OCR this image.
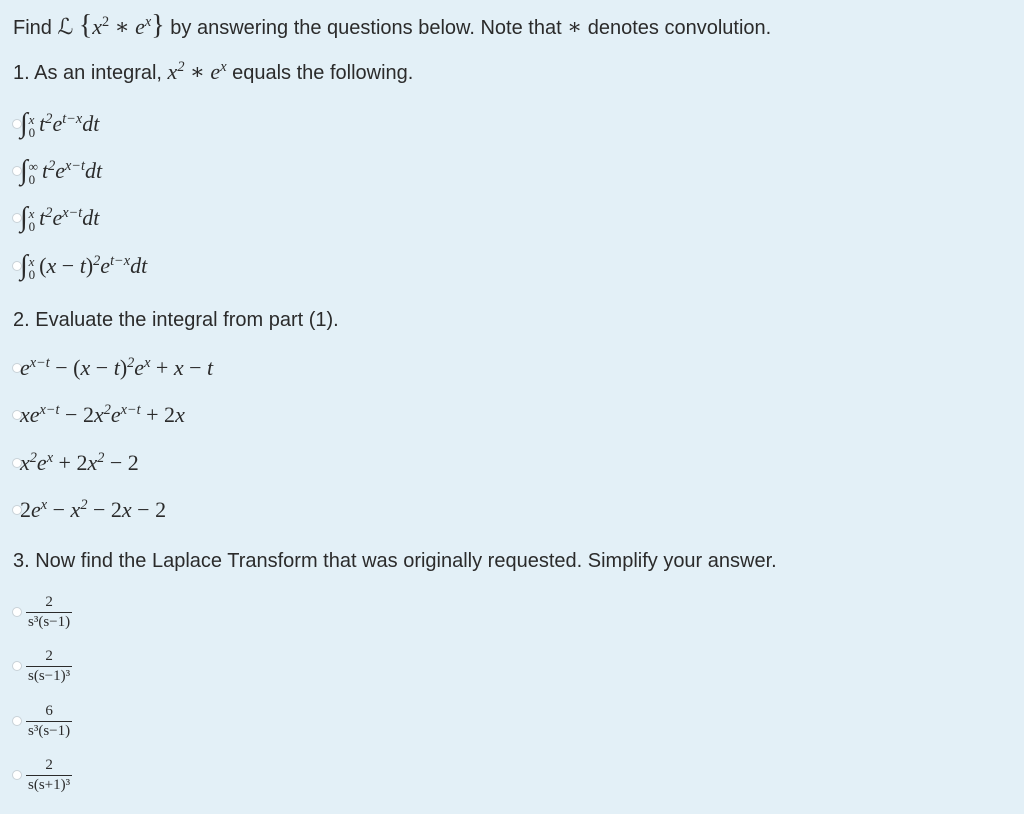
Find ℒ {$x^2$ ∗ $e^x$} by answering the questions below. Note that ∗ denotes convolution.
1. As an integral, $x^2$ ∗ $e^x$ equals the following.
∫ x
0 $t^2e^{t-x}dt$
∫ ∞
0 $t^2e^{x-t}dt$
∫ x
0 $t^2e^{x-t}dt$
∫ x
0 $(x - t)^2e^{t-x}dt$
2. Evaluate the integral from part (1).
$e^{x-t} - (x - t)^2e^x + x - t$
$xe^{x-t} - 2x^2e^{x-t} + 2x$
$x^2e^x + 2x^2 - 2$
$2e^x - x^2 - 2x - 2$
3. Now find the Laplace Transform that was originally requested. Simplify your answer.
$\frac{2}{\text{s³(s−1)}}$
$\frac{2}{\text{s(s−1)³}}$
$\frac{6}{\text{s³(s−1)}}$
$\frac{2}{\text{s(s+1)³}}$
